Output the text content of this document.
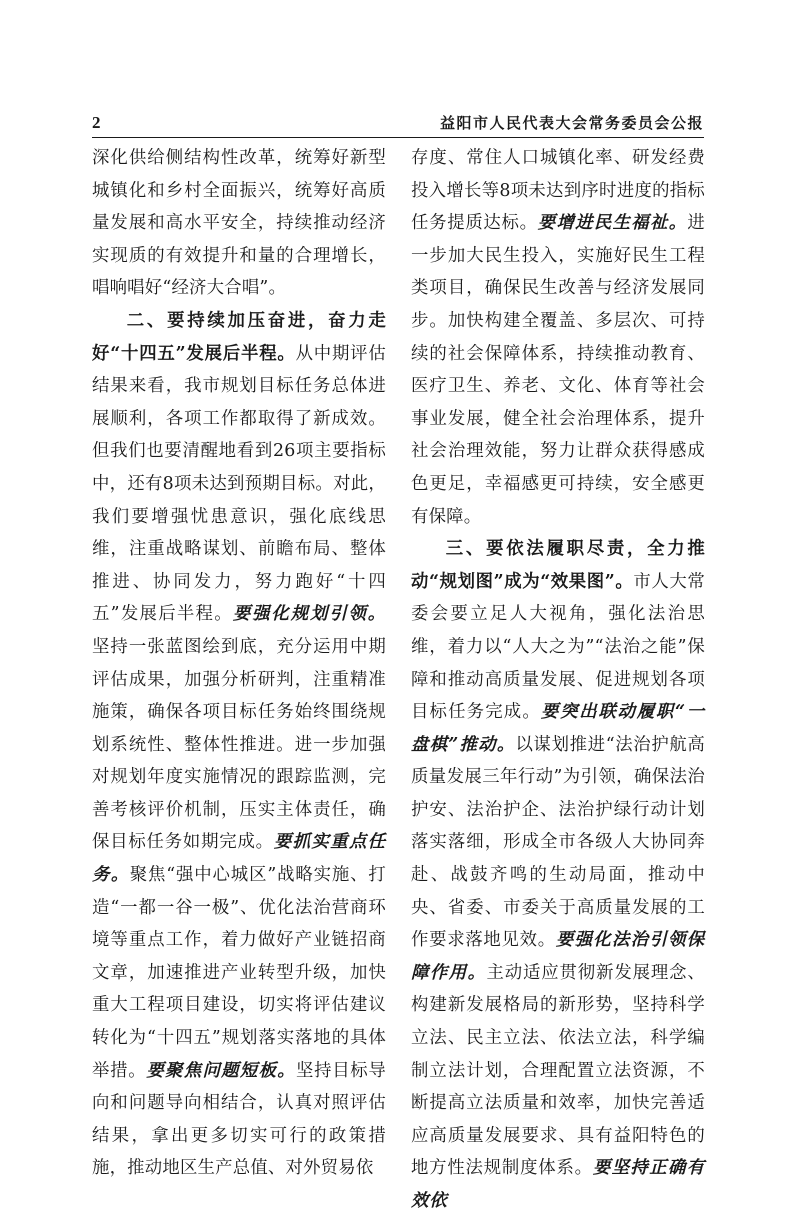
2	益阳市人民代表大会常务委员会公报

深化供给侧结构性改革，统筹好新型城镇化和乡村全面振兴，统筹好高质量发展和高水平安全，持续推动经济实现质的有效提升和量的合理增长，唱响唱好“经济大合唱”。

二、要持续加压奋进，奋力走好“十四五”发展后半程。从中期评估结果来看，我市规划目标任务总体进展顺利，各项工作都取得了新成效。但我们也要清醒地看到26项主要指标中，还有8项未达到预期目标。对此，我们要增强忧患意识，强化底线思维，注重战略谋划、前瞻布局、整体推进、协同发力，努力跑好“十四五”发展后半程。要强化规划引领。坚持一张蓝图绘到底，充分运用中期评估成果，加强分析研判，注重精准施策，确保各项目标任务始终围绕规划系统性、整体性推进。进一步加强对规划年度实施情况的跟踪监测，完善考核评价机制，压实主体责任，确保目标任务如期完成。要抓实重点任务。聚焦“强中心城区”战略实施、打造“一都一谷一极”、优化法治营商环境等重点工作，着力做好产业链招商文章，加速推进产业转型升级，加快重大工程项目建设，切实将评估建议转化为“十四五”规划落实落地的具体举措。要聚焦问题短板。坚持目标导向和问题导向相结合，认真对照评估结果，拿出更多切实可行的政策措施，推动地区生产总值、对外贸易依

存度、常住人口城镇化率、研发经费投入增长等8项未达到序时进度的指标任务提质达标。要增进民生福祉。进一步加大民生投入，实施好民生工程类项目，确保民生改善与经济发展同步。加快构建全覆盖、多层次、可持续的社会保障体系，持续推动教育、医疗卫生、养老、文化、体育等社会事业发展，健全社会治理体系，提升社会治理效能，努力让群众获得感成色更足，幸福感更可持续，安全感更有保障。

三、要依法履职尽责，全力推动“规划图”成为“效果图”。市人大常委会要立足人大视角，强化法治思维，着力以“人大之为”“法治之能”保障和推动高质量发展、促进规划各项目标任务完成。要突出联动履职“一盘棋”推动。以谋划推进“法治护航高质量发展三年行动”为引领，确保法治护安、法治护企、法治护绿行动计划落实落细，形成全市各级人大协同奔赴、战鼓齐鸣的生动局面，推动中央、省委、市委关于高质量发展的工作要求落地见效。要强化法治引领保障作用。主动适应贯彻新发展理念、构建新发展格局的新形势，坚持科学立法、民主立法、依法立法，科学编制立法计划，合理配置立法资源，不断提高立法质量和效率，加快完善适应高质量发展要求、具有益阳特色的地方性法规制度体系。要坚持正确有效依
